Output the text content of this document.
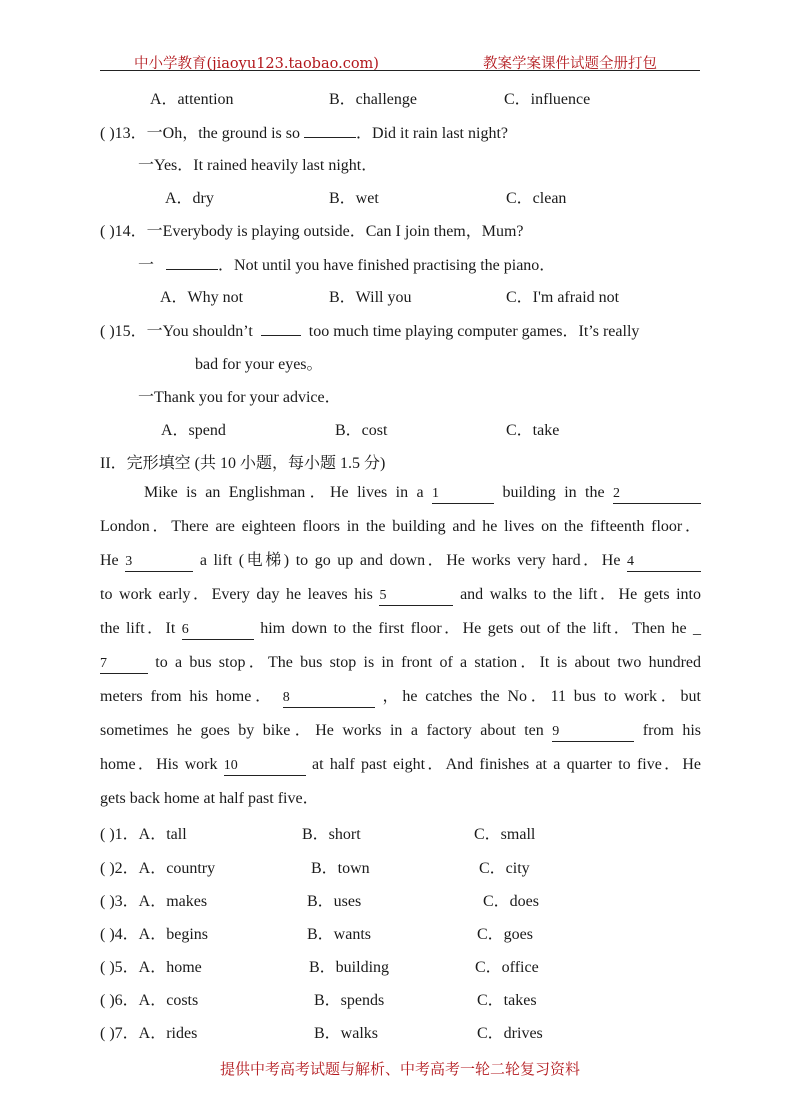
中小学教育(jiaoyu123.taobao.com)	教案学案课件试题全册打包
A．attention	B．challenge	C．influence
( )13．一Oh，the ground is so	．Did it rain last night?
一Yes．It rained heavily last night．
A．dry	B．wet	C．clean
( )14．一Everybody is playing outside．Can I join them，Mum?
一	．Not until you have finished practising the piano．
A．Why not	B．Will you	C．I'm afraid not
( )15．一You shouldn’t	too much time playing computer games．It’s really
bad for your eyes。
一Thank you for your advice．
A．spend	B．cost	C．take
II．完形填空 (共 10 小题，每小题 1.5 分)
Mike is an Englishman．He lives in a 1	building in the 2
London．There are eighteen floors in the building and he lives on the fifteenth floor．
He 3	a lift (电梯) to go up and down．He works very hard．He 4
to work early．Every day he leaves his 5	and walks to the lift．He gets into
the lift．It 6	him down to the first floor．He gets out of the lift．Then he _
7	to a bus stop．The bus stop is in front of a station．It is about two hundred
meters from his home． 8	，he catches the No．11 bus to work．but
sometimes he goes by bike．He works in a factory about ten 9	from his
home．His work 10	at half past eight．And finishes at a quarter to five．He
gets back home at half past five．
( )1．A．tall	B．short	C．small
( )2．A．country	B．town	C．city
( )3．A．makes	B．uses	C．does
( )4．A．begins	B．wants	C．goes
( )5．A．home	B．building	C．office
( )6．A．costs	B．spends	C．takes
( )7．A．rides	B．walks	C．drives
提供中考高考试题与解析、中考高考一轮二轮复习资料
